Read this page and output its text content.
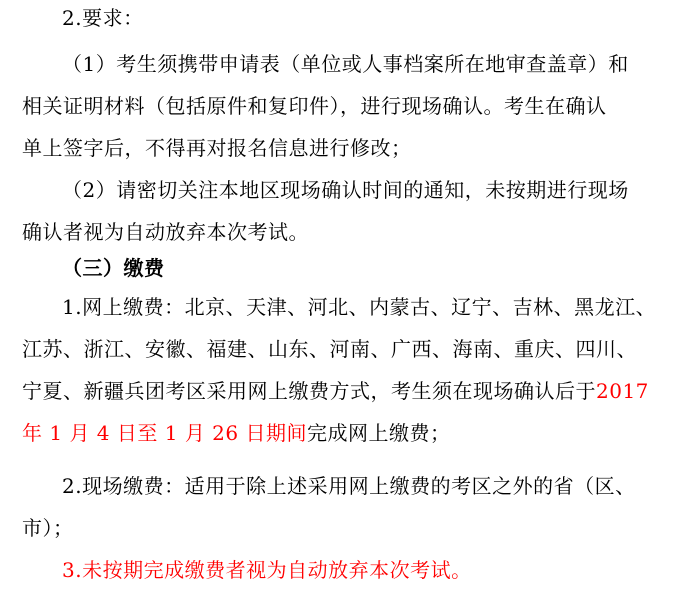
2.要求：
（1）考生须携带申请表（单位或人事档案所在地审查盖章）和
相关证明材料（包括原件和复印件），进行现场确认。考生在确认
单上签字后，不得再对报名信息进行修改；
（2）请密切关注本地区现场确认时间的通知，未按期进行现场
确认者视为自动放弃本次考试。
（三）缴费
1.网上缴费：北京、天津、河北、内蒙古、辽宁、吉林、黑龙江、
江苏、浙江、安徽、福建、山东、河南、广西、海南、重庆、四川、
宁夏、新疆兵团考区采用网上缴费方式，考生须在现场确认后于2017
年 1 月 4 日至 1 月 26 日期间完成网上缴费；
2.现场缴费：适用于除上述采用网上缴费的考区之外的省（区、
市）；
3.未按期完成缴费者视为自动放弃本次考试。
